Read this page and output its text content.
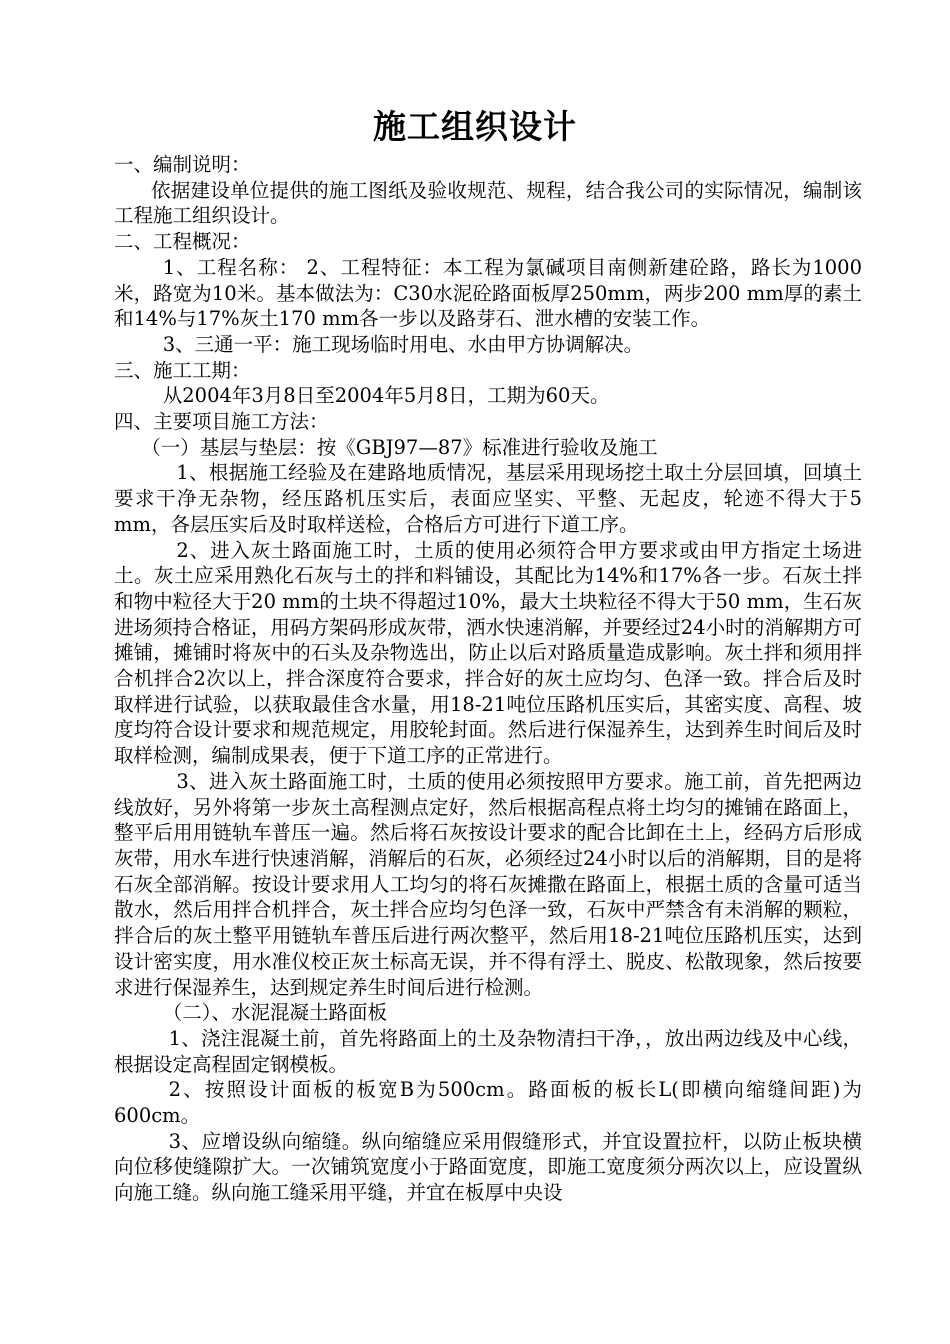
施工组织设计

一、编制说明：

依据建设单位提供的施工图纸及验收规范、规程，结合我公司的实际情况，编制该工程施工组织设计。

二、工程概况：

1、工程名称： 2、工程特征：本工程为氯碱项目南侧新建砼路，路长为1000米，路宽为10米。基本做法为：C30水泥砼路面板厚250mm，两步200 mm厚的素土和14%与17%灰土170 mm各一步以及路芽石、泄水槽的安装工作。

3、三通一平：施工现场临时用电、水由甲方协调解决。

三、施工工期：

从2004年3月8日至2004年5月8日，工期为60天。

四、主要项目施工方法：

（一）基层与垫层：按《GBJ97—87》标准进行验收及施工

1、根据施工经验及在建路地质情况，基层采用现场挖土取土分层回填，回填土要求干净无杂物，经压路机压实后，表面应坚实、平整、无起皮，轮迹不得大于5 mm，各层压实后及时取样送检，合格后方可进行下道工序。

2、进入灰土路面施工时，土质的使用必须符合甲方要求或由甲方指定土场进土。灰土应采用熟化石灰与土的拌和料铺设，其配比为14%和17%各一步。石灰土拌和物中粒径大于20 mm的土块不得超过10%，最大土块粒径不得大于50 mm，生石灰进场须持合格证，用码方架码形成灰带，洒水快速消解，并要经过24小时的消解期方可摊铺，摊铺时将灰中的石头及杂物选出，防止以后对路质量造成影响。灰土拌和须用拌合机拌合2次以上，拌合深度符合要求，拌合好的灰土应均匀、色泽一致。拌合后及时取样进行试验，以获取最佳含水量，用18-21吨位压路机压实后，其密实度、高程、坡度均符合设计要求和规范规定，用胶轮封面。然后进行保湿养生，达到养生时间后及时取样检测，编制成果表，便于下道工序的正常进行。

3、进入灰土路面施工时，土质的使用必须按照甲方要求。施工前，首先把两边线放好，另外将第一步灰土高程测点定好，然后根据高程点将土均匀的摊铺在路面上，整平后用用链轨车普压一遍。然后将石灰按设计要求的配合比卸在土上，经码方后形成灰带，用水车进行快速消解，消解后的石灰，必须经过24小时以后的消解期，目的是将石灰全部消解。按设计要求用人工均匀的将石灰摊撒在路面上，根据土质的含量可适当散水，然后用拌合机拌合，灰土拌合应均匀色泽一致，石灰中严禁含有未消解的颗粒，拌合后的灰土整平用链轨车普压后进行两次整平，然后用18-21吨位压路机压实，达到设计密实度，用水准仪校正灰土标高无误，并不得有浮土、脱皮、松散现象，然后按要求进行保湿养生，达到规定养生时间后进行检测。

（二）、水泥混凝土路面板

1、浇注混凝土前，首先将路面上的土及杂物清扫干净，，放出两边线及中心线，根据设定高程固定钢模板。

2、按照设计面板的板宽B为500cm。路面板的板长L(即横向缩缝间距)为600cm。

3、应增设纵向缩缝。纵向缩缝应采用假缝形式，并宜设置拉杆，以防止板块横向位移使缝隙扩大。一次铺筑宽度小于路面宽度，即施工宽度须分两次以上，应设置纵向施工缝。纵向施工缝采用平缝，并宜在板厚中央设
